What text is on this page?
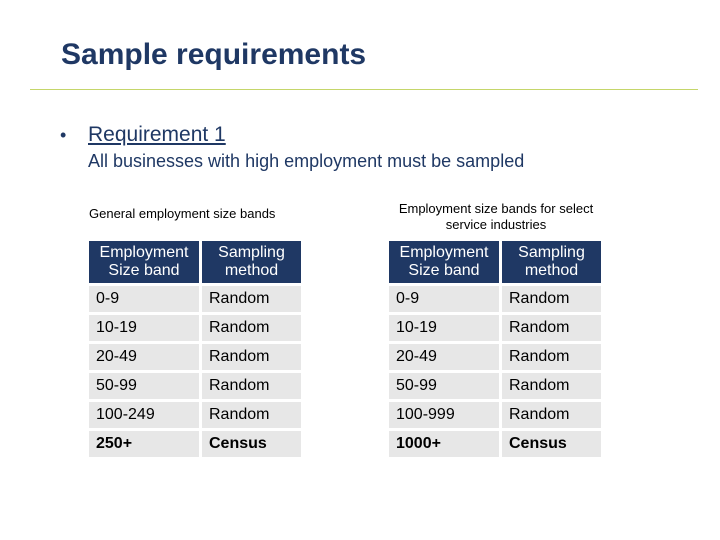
Sample requirements
•	Requirement 1
All businesses with high employment must be sampled
General employment size bands	Employment size bands for select service industries
Employment Size band	Sampling method
0-9	Random
10-19	Random
20-49	Random
50-99	Random
100-249	Random
250+	Census
Employment Size band	Sampling method
0-9	Random
10-19	Random
20-49	Random
50-99	Random
100-999	Random
1000+	Census
